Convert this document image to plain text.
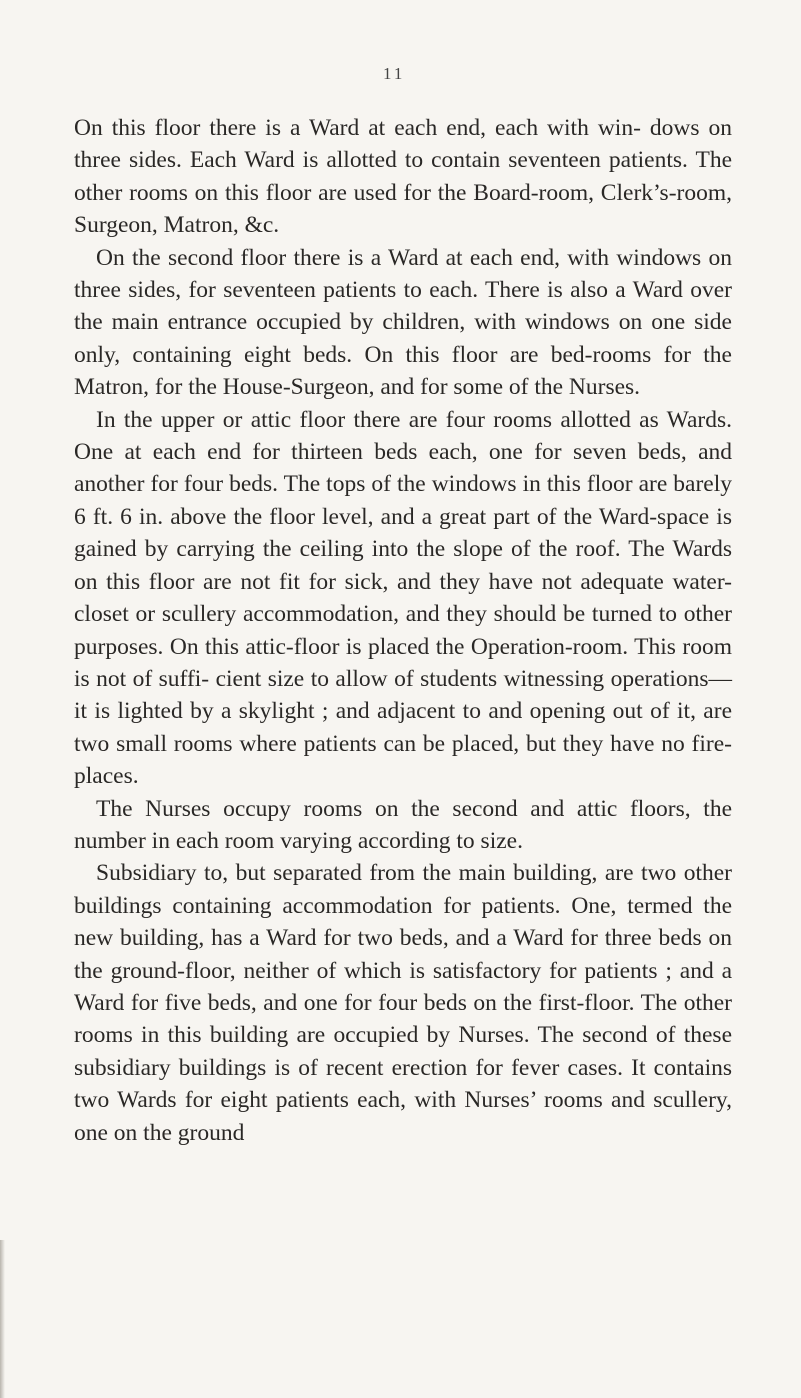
11

On this floor there is a Ward at each end, each with win- dows on three sides. Each Ward is allotted to contain seventeen patients. The other rooms on this floor are used for the Board-room, Clerk’s-room, Surgeon, Matron, &c.

On the second floor there is a Ward at each end, with windows on three sides, for seventeen patients to each. There is also a Ward over the main entrance occupied by children, with windows on one side only, containing eight beds. On this floor are bed-rooms for the Matron, for the House-Surgeon, and for some of the Nurses.

In the upper or attic floor there are four rooms allotted as Wards. One at each end for thirteen beds each, one for seven beds, and another for four beds. The tops of the windows in this floor are barely 6 ft. 6 in. above the floor level, and a great part of the Ward-space is gained by carrying the ceiling into the slope of the roof. The Wards on this floor are not fit for sick, and they have not adequate water-closet or scullery accommodation, and they should be turned to other purposes. On this attic-floor is placed the Operation-room. This room is not of suffi- cient size to allow of students witnessing operations—it is lighted by a skylight ; and adjacent to and opening out of it, are two small rooms where patients can be placed, but they have no fire-places.

The Nurses occupy rooms on the second and attic floors, the number in each room varying according to size.

Subsidiary to, but separated from the main building, are two other buildings containing accommodation for patients. One, termed the new building, has a Ward for two beds, and a Ward for three beds on the ground-floor, neither of which is satisfactory for patients ; and a Ward for five beds, and one for four beds on the first-floor. The other rooms in this building are occupied by Nurses. The second of these subsidiary buildings is of recent erection for fever cases. It contains two Wards for eight patients each, with Nurses’ rooms and scullery, one on the ground
